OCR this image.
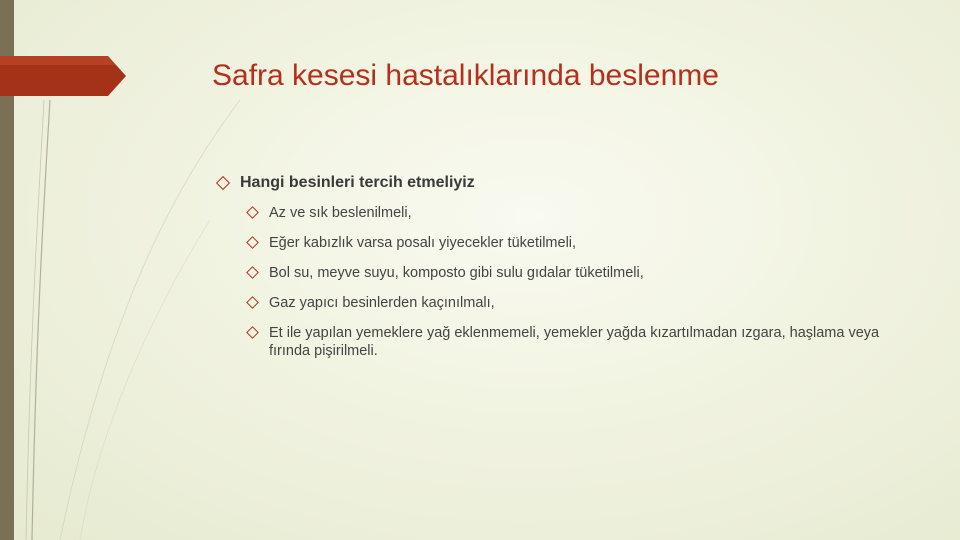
Safra kesesi hastalıklarında beslenme
Hangi besinleri tercih etmeliyiz
Az ve sık beslenilmeli,
Eğer kabızlık varsa posalı yiyecekler tüketilmeli,
Bol su, meyve suyu, komposto gibi sulu gıdalar tüketilmeli,
Gaz yapıcı besinlerden kaçınılmalı,
Et ile yapılan yemeklere yağ eklenmemeli, yemekler yağda kızartılmadan ızgara, haşlama veya fırında pişirilmeli.
